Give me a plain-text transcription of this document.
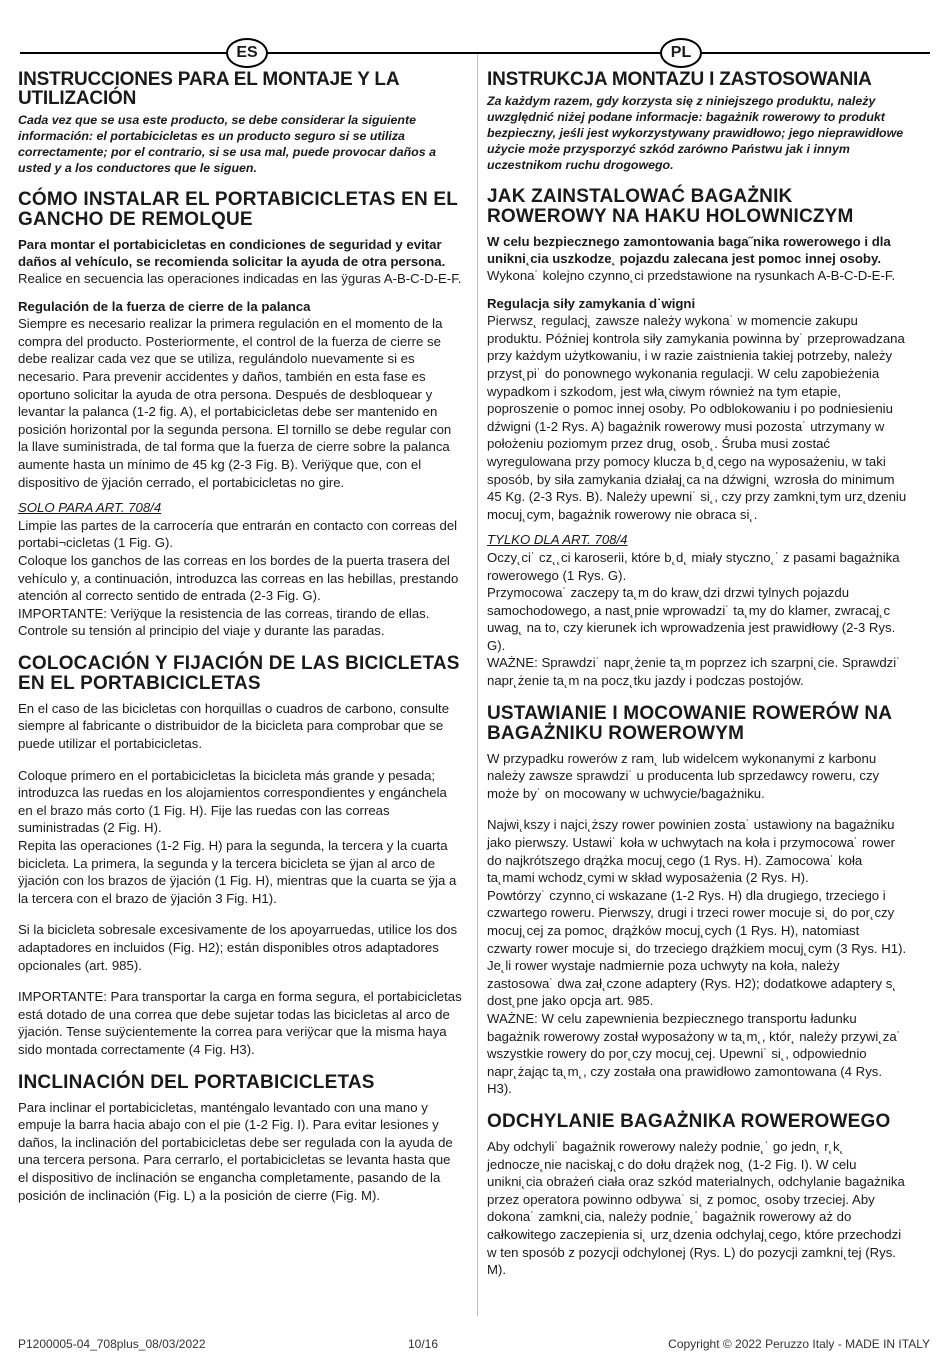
ES	PL
INSTRUCCIONES PARA EL MONTAJE Y LA UTILIZACIÓN

Cada vez que se usa este producto, se debe considerar la siguiente información: el portabicicletas es un producto seguro si se utiliza correctamente; por el contrario, si se usa mal, puede provocar daños a usted y a los conductores que le siguen.

CÓMO INSTALAR EL PORTABICICLETAS EN EL GANCHO DE REMOLQUE

Para montar el portabicicletas en condiciones de seguridad y evitar daños al vehículo, se recomienda solicitar la ayuda de otra persona.

Realice en secuencia las operaciones indicadas en las ÿguras A-B-C-D-E-F.

Regulación de la fuerza de cierre de la palanca

Siempre es necesario realizar la primera regulación en el momento de la compra del producto. Posteriormente, el control de la fuerza de cierre se debe realizar cada vez que se utiliza, regulándolo nuevamente si es necesario. Para prevenir accidentes y daños, también en esta fase es oportuno solicitar la ayuda de otra persona. Después de desbloquear y levantar la palanca (1-2 fig. A), el portabicicletas debe ser mantenido en posición horizontal por la segunda persona. El tornillo se debe regular con la llave suministrada, de tal forma que la fuerza de cierre sobre la palanca aumente hasta un mínimo de 45 kg (2-3 Fig. B). Veriÿque que, con el dispositivo de ÿjación cerrado, el portabicicletas no gire.

SOLO PARA ART. 708/4

Limpie las partes de la carrocería que entrarán en contacto con correas del portabi¬cicletas (1 Fig. G).

Coloque los ganchos de las correas en los bordes de la puerta trasera del vehículo y, a continuación, introduzca las correas en las hebillas, prestando atención al correcto sentido de entrada (2-3 Fig. G).

IMPORTANTE: Veriÿque la resistencia de las correas, tirando de ellas. Controle su tensión al principio del viaje y durante las paradas.

COLOCACIÓN Y FIJACIÓN DE LAS BICICLETAS EN EL PORTABICICLETAS

En el caso de las bicicletas con horquillas o cuadros de carbono, consulte siempre al fabricante o distribuidor de la bicicleta para comprobar que se puede utilizar el portabicicletas.

Coloque primero en el portabicicletas la bicicleta más grande y pesada; introduzca las ruedas en los alojamientos correspondientes y engánchela en el brazo más corto (1 Fig. H). Fije las ruedas con las correas suministradas (2 Fig. H).

Repita las operaciones (1-2 Fig. H) para la segunda, la tercera y la cuarta bicicleta. La primera, la segunda y la tercera bicicleta se ÿjan al arco de ÿjación con los brazos de ÿjación (1 Fig. H), mientras que la cuarta se ÿja a la tercera con el brazo de ÿjación 3 Fig. H1).

Si la bicicleta sobresale excesivamente de los apoyarruedas, utilice los dos adaptadores en incluidos (Fig. H2); están disponibles otros adaptadores opcionales (art. 985).

IMPORTANTE: Para transportar la carga en forma segura, el portabicicletas está dotado de una correa que debe sujetar todas las bicicletas al arco de ÿjación. Tense suÿcientemente la correa para veriÿcar que la misma haya sido montada correctamente (4 Fig. H3).

INCLINACIÓN DEL PORTABICICLETAS

Para inclinar el portabicicletas, manténgalo levantado con una mano y empuje la barra hacia abajo con el pie (1-2 Fig. I). Para evitar lesiones y daños, la inclinación del portabicicletas debe ser regulada con la ayuda de una tercera persona. Para cerrarlo, el portabicicletas se levanta hasta que el dispositivo de inclinación se engancha completamente, pasando de la posición de inclinación (Fig. L) a la posición de cierre (Fig. M).

INSTRUKCJA MONTAZU I ZASTOSOWANIA

Za każdym razem, gdy korzysta się z niniejszego produktu, należy uwzględnić niżej podane informacje: bagażnik rowerowy to produkt bezpieczny, jeśli jest wykorzystywany prawidłowo; jego nieprawidłowe użycie może przysporzyć szkód zarówno Państwu jak i innym uczestnikom ruchu drogowego.

JAK ZAINSTALOWAĆ BAGAŻNIK ROWEROWY NA HAKU HOLOWNICZYM

W celu bezpiecznego zamontowania baga˝nika rowerowego i dla unikni˛cia uszkodze˛ pojazdu zalecana jest pomoc innej osoby.

Wykona˙ kolejno czynno˛ci przedstawione na rysunkach A-B-C-D-E-F.

Regulacja siły zamykania d˙wigni

Pierwsz˛ regulacj˛ zawsze należy wykona˙ w momencie zakupu produktu. Później kontrola siły zamykania powinna by˙ przeprowadzana przy każdym użytkowaniu, i w razie zaistnienia takiej potrzeby, należy przyst˛pi˙ do ponownego wykonania regulacji. W celu zapobieżenia wypadkom i szkodom, jest wła˛ciwym również na tym etapie, poproszenie o pomoc innej osoby. Po odblokowaniu i po podniesieniu dźwigni (1-2 Rys. A) bagażnik rowerowy musi pozosta˙ utrzymany w położeniu poziomym przez drug˛ osob˛. Śruba musi zostać wyregulowana przy pomocy klucza b˛d˛cego na wyposażeniu, w taki sposób, by siła zamykania działaj˛ca na dźwigni˛ wzrosła do minimum 45 Kg. (2-3 Rys. B). Należy upewni˙ si˛, czy przy zamkni˛tym urz˛dzeniu mocuj˛cym, bagażnik rowerowy nie obraca si˛.

TYLKO DLA ART. 708/4

Oczy˛ci˙ cz˛˛ci karoserii, które b˛d˛ miały styczno˛˙ z pasami bagażnika rowerowego (1 Rys. G).

Przymocowa˙ zaczepy ta˛m do kraw˛dzi drzwi tylnych pojazdu samochodowego, a nast˛pnie wprowadzi˙ ta˛my do klamer, zwracaj˛c uwag˛ na to, czy kierunek ich wprowadzenia jest prawidłowy (2-3 Rys. G).

WAŻNE: Sprawdzi˙ napr˛żenie ta˛m poprzez ich szarpni˛cie. Sprawdzi˙ napr˛żenie ta˛m na pocz˛tku jazdy i podczas postojów.

USTAWIANIE I MOCOWANIE ROWERÓW NA BAGAŻNIKU ROWEROWYM

W przypadku rowerów z ram˛ lub widelcem wykonanymi z karbonu należy zawsze sprawdzi˙ u producenta lub sprzedawcy roweru, czy może by˙ on mocowany w uchwycie/bagażniku.

Najwi˛kszy i najci˛ższy rower powinien zosta˙ ustawiony na bagażniku jako pierwszy. Ustawi˙ koła w uchwytach na koła i przymocowa˙ rower do najkrótszego drążka mocuj˛cego (1 Rys. H). Zamocowa˙ koła ta˛mami wchodz˛cymi w skład wyposażenia (2 Rys. H).

Powtórzy˙ czynno˛ci wskazane (1-2 Rys. H) dla drugiego, trzeciego i czwartego roweru. Pierwszy, drugi i trzeci rower mocuje si˛ do por˛czy mocuj˛cej za pomoc˛ drążków mocuj˛cych (1 Rys. H), natomiast czwarty rower mocuje si˛ do trzeciego drążkiem mocuj˛cym (3 Rys. H1).

Je˛li rower wystaje nadmiernie poza uchwyty na koła, należy zastosowa˙ dwa zał˛czone adaptery (Rys. H2); dodatkowe adaptery s˛ dost˛pne jako opcja art. 985.

WAŻNE: W celu zapewnienia bezpiecznego transportu ładunku bagażnik rowerowy został wyposażony w ta˛m˛, któr˛ należy przywi˛za˙ wszystkie rowery do por˛czy mocuj˛cej. Upewni˙ si˛, odpowiednio napr˛żając ta˛m˛, czy została ona prawidłowo zamontowana (4 Rys. H3).

ODCHYLANIE BAGAŻNIKA ROWEROWEGO

Aby odchyli˙ bagażnik rowerowy należy podnie˛˙ go jedn˛ r˛k˛ jednocze˛nie naciskaj˛c do dołu drążek nog˛ (1-2 Fig. I). W celu unikni˛cia obrażeń ciała oraz szkód materialnych, odchylanie bagażnika przez operatora powinno odbywa˙ si˛ z pomoc˛ osoby trzeciej. Aby dokona˙ zamkni˛cia, należy podnie˛˙ bagażnik rowerowy aż do całkowitego zaczepienia si˛ urz˛dzenia odchylaj˛cego, które przechodzi w ten sposób z pozycji odchylonej (Rys. L) do pozycji zamkni˛tej (Rys. M).

P1200005-04_708plus_08/03/2022	10/16	Copyright © 2022 Peruzzo Italy - MADE IN ITALY
